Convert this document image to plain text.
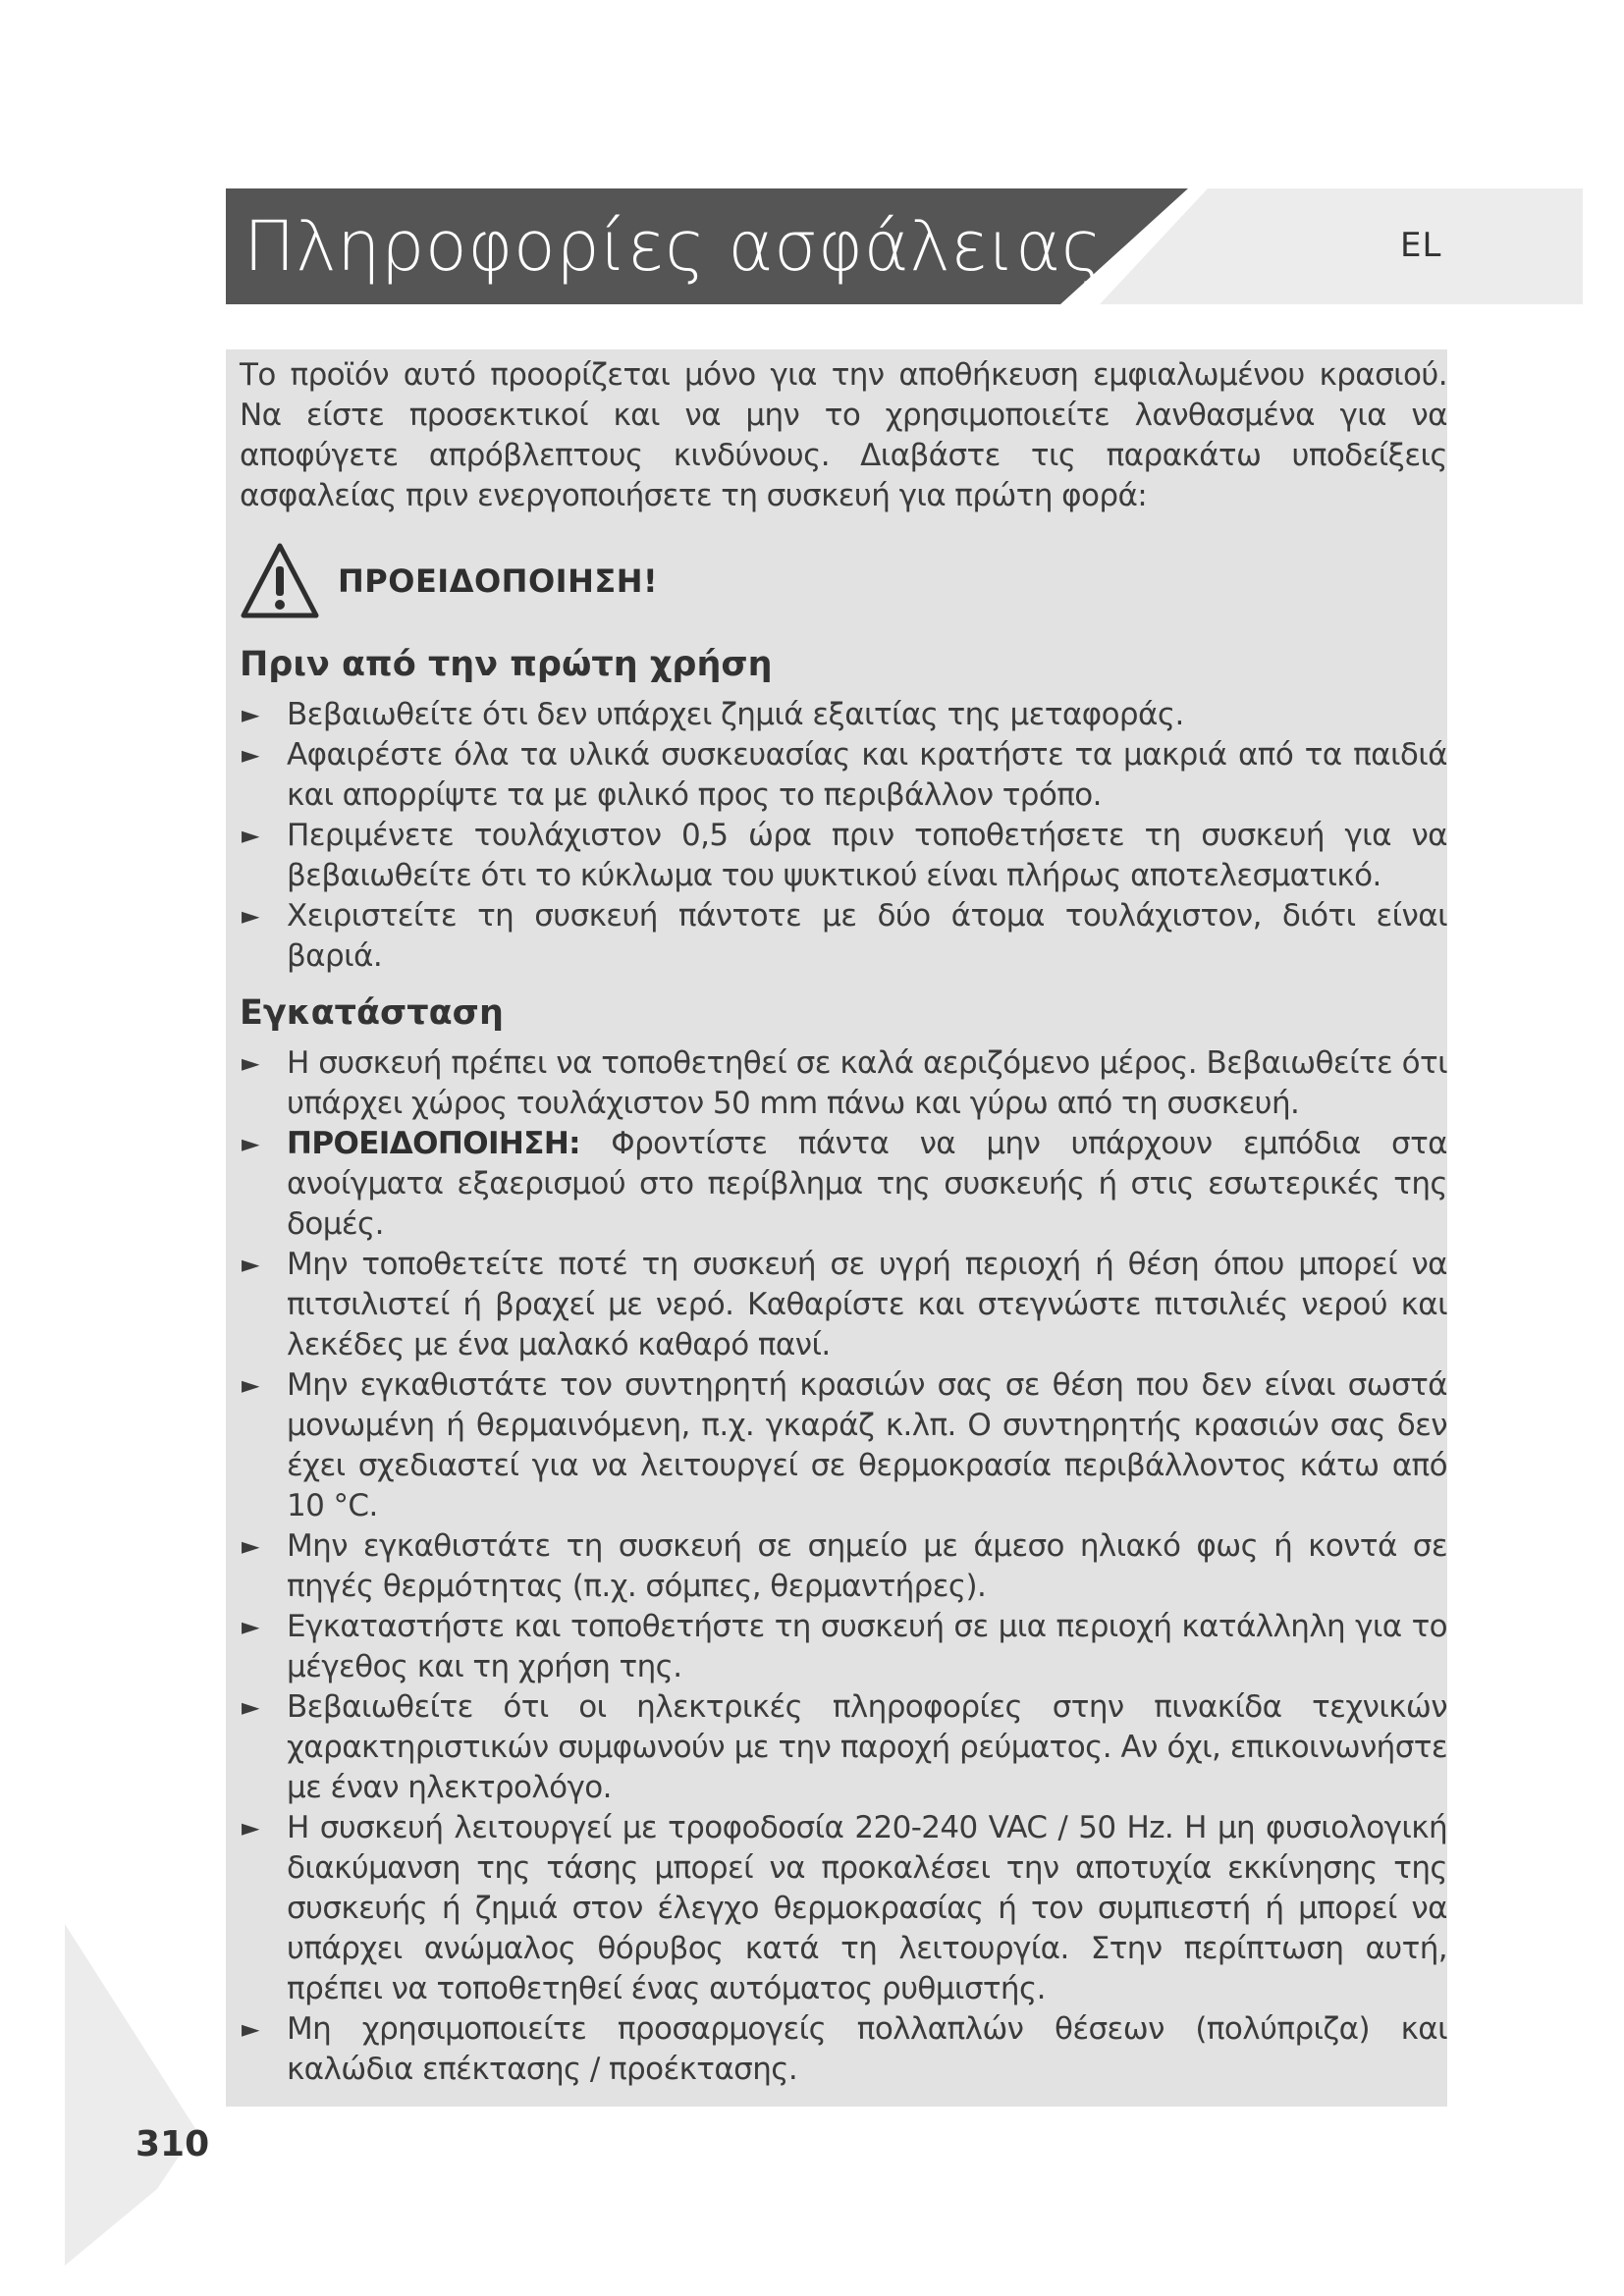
Πληροφορίες ασφάλειας	EL

Το προϊόν αυτό προορίζεται μόνο για την αποθήκευση εμφιαλωμένου κρασιού. Να είστε προσεκτικοί και να μην το χρησιμοποιείτε λανθασμένα για να αποφύγετε απρόβλεπτους κινδύνους. Διαβάστε τις παρακάτω υποδείξεις ασφαλείας πριν ενεργοποιήσετε τη συσκευή για πρώτη φορά:

ΠΡΟΕΙΔΟΠΟΙΗΣΗ!
Πριν από την πρώτη χρήση
► Βεβαιωθείτε ότι δεν υπάρχει ζημιά εξαιτίας της μεταφοράς.
► Αφαιρέστε όλα τα υλικά συσκευασίας και κρατήστε τα μακριά από τα παιδιά και απορρίψτε τα με φιλικό προς το περιβάλλον τρόπο.
► Περιμένετε τουλάχιστον 0,5 ώρα πριν τοποθετήσετε τη συσκευή για να βεβαιωθείτε ότι το κύκλωμα του ψυκτικού είναι πλήρως αποτελεσματικό.
► Χειριστείτε τη συσκευή πάντοτε με δύο άτομα τουλάχιστον, διότι είναι βαριά.
Εγκατάσταση
► Η συσκευή πρέπει να τοποθετηθεί σε καλά αεριζόμενο μέρος. Βεβαιωθείτε ότι υπάρχει χώρος τουλάχιστον 50 mm πάνω και γύρω από τη συσκευή.
► ΠΡΟΕΙΔΟΠΟΙΗΣΗ: Φροντίστε πάντα να μην υπάρχουν εμπόδια στα ανοίγματα εξαερισμού στο περίβλημα της συσκευής ή στις εσωτερικές της δομές.
► Μην τοποθετείτε ποτέ τη συσκευή σε υγρή περιοχή ή θέση όπου μπορεί να πιτσιλιστεί ή βραχεί με νερό. Καθαρίστε και στεγνώστε πιτσιλιές νερού και λεκέδες με ένα μαλακό καθαρό πανί.
► Μην εγκαθιστάτε τον συντηρητή κρασιών σας σε θέση που δεν είναι σωστά μονωμένη ή θερμαινόμενη, π.χ. γκαράζ κ.λπ. Ο συντηρητής κρασιών σας δεν έχει σχεδιαστεί για να λειτουργεί σε θερμοκρασία περιβάλλοντος κάτω από 10 °C.
► Μην εγκαθιστάτε τη συσκευή σε σημείο με άμεσο ηλιακό φως ή κοντά σε πηγές θερμότητας (π.χ. σόμπες, θερμαντήρες).
► Εγκαταστήστε και τοποθετήστε τη συσκευή σε μια περιοχή κατάλληλη για το μέγεθος και τη χρήση της.
► Βεβαιωθείτε ότι οι ηλεκτρικές πληροφορίες στην πινακίδα τεχνικών χαρακτηριστικών συμφωνούν με την παροχή ρεύματος. Αν όχι, επικοινωνήστε με έναν ηλεκτρολόγο.
► Η συσκευή λειτουργεί με τροφοδοσία 220-240 VAC / 50 Hz. Η μη φυσιολογική διακύμανση της τάσης μπορεί να προκαλέσει την αποτυχία εκκίνησης της συσκευής ή ζημιά στον έλεγχο θερμοκρασίας ή τον συμπιεστή ή μπορεί να υπάρχει ανώμαλος θόρυβος κατά τη λειτουργία. Στην περίπτωση αυτή, πρέπει να τοποθετηθεί ένας αυτόματος ρυθμιστής.
► Μη χρησιμοποιείτε προσαρμογείς πολλαπλών θέσεων (πολύπριζα) και καλώδια επέκτασης / προέκτασης.
310
